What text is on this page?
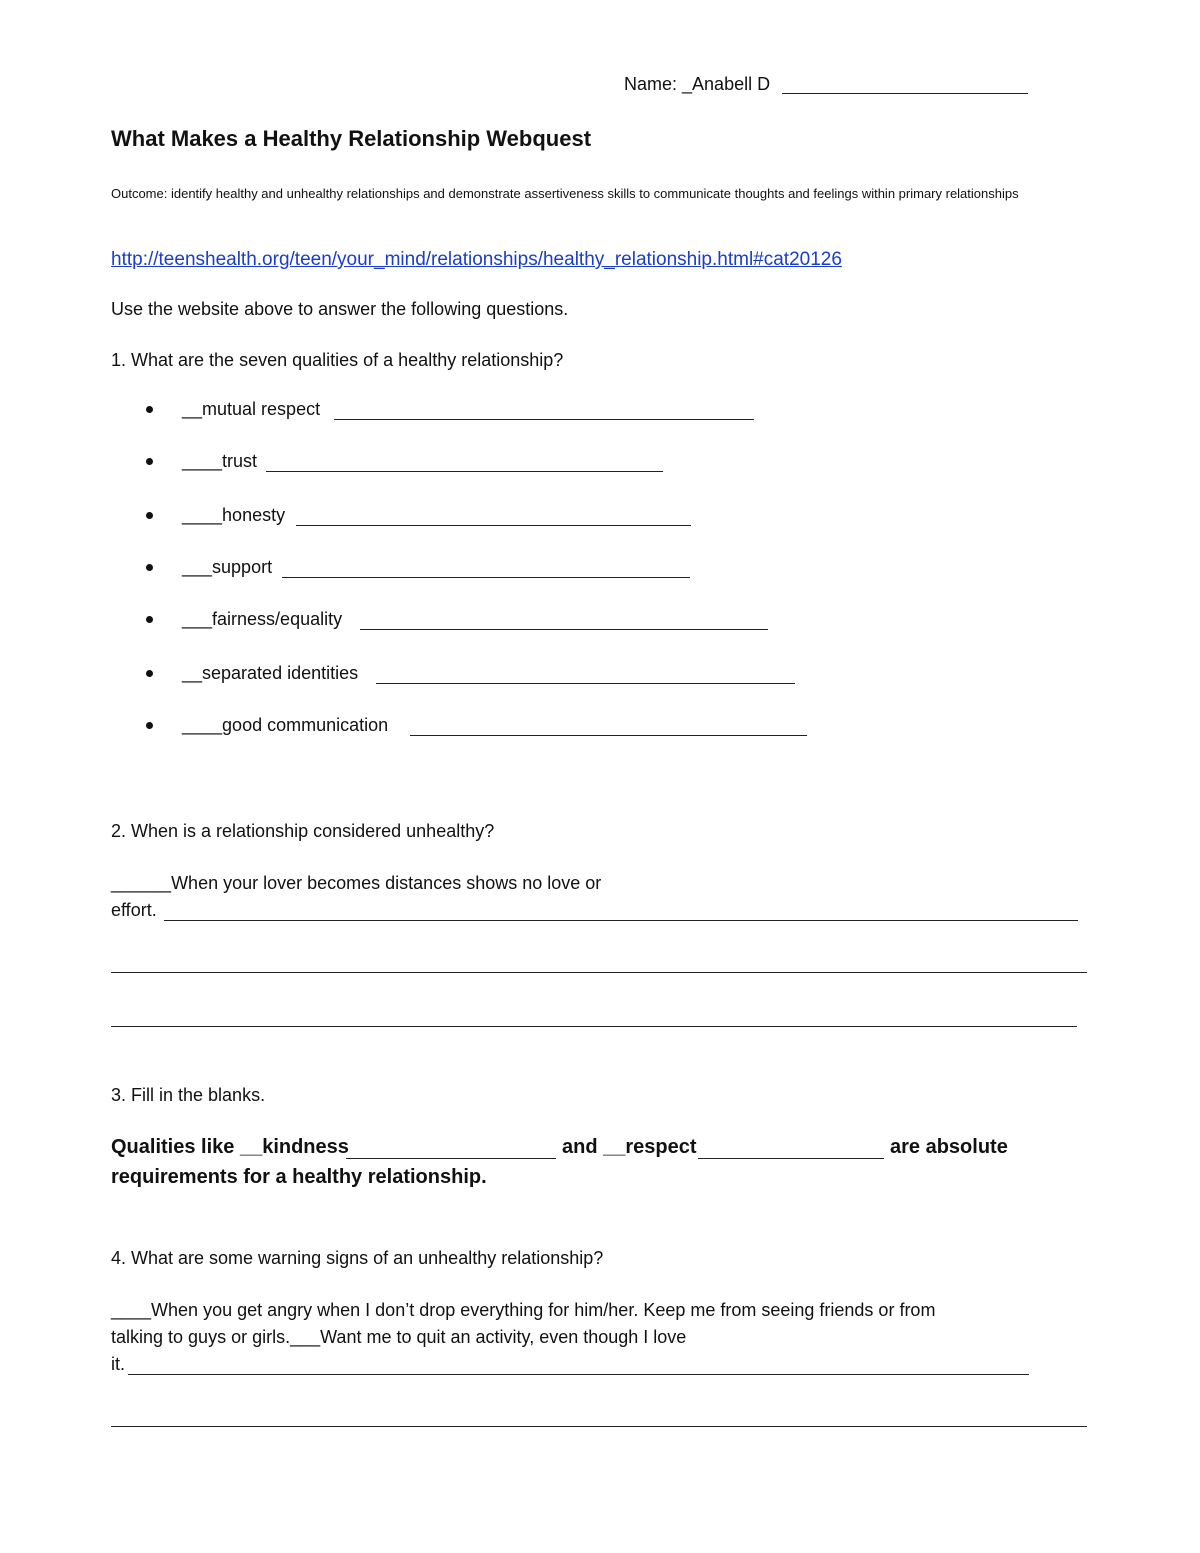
Name: _Anabell D
What Makes a Healthy Relationship Webquest
Outcome: identify healthy and unhealthy relationships and demonstrate assertiveness skills to communicate thoughts and feelings within primary relationships
http://teenshealth.org/teen/your_mind/relationships/healthy_relationship.html#cat20126
Use the website above to answer the following questions.
1. What are the seven qualities of a healthy relationship?
__mutual respect
____trust
____honesty
___support
___fairness/equality
__separated identities
____good communication
2. When is a relationship considered unhealthy?
______When your lover becomes distances shows no love or
effort.
3. Fill in the blanks.
Qualities like __kindness	and __respect	are absolute
requirements for a healthy relationship.
4. What are some warning signs of an unhealthy relationship?
____When you get angry when I don’t drop everything for him/her. Keep me from seeing friends or from
talking to guys or girls.___Want me to quit an activity, even though I love
it.
